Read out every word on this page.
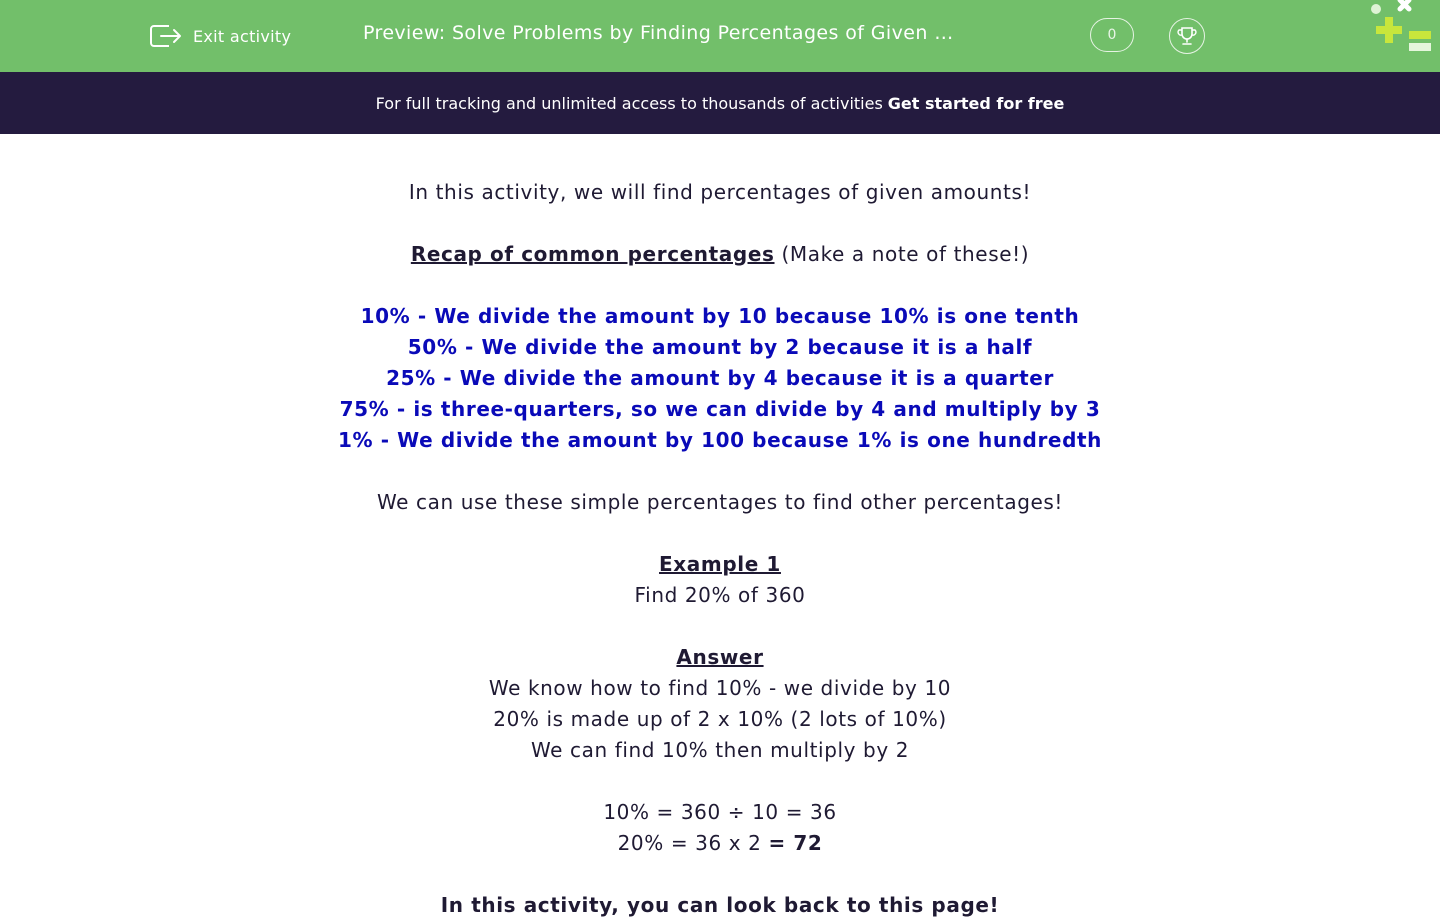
Exit activity	Preview: Solve Problems by Finding Percentages of Given …	0
For full tracking and unlimited access to thousands of activities Get started for free

In this activity, we will find percentages of given amounts!

Recap of common percentages (Make a note of these!)

10% - We divide the amount by 10 because 10% is one tenth

50% - We divide the amount by 2 because it is a half

25% - We divide the amount by 4 because it is a quarter

75% - is three-quarters, so we can divide by 4 and multiply by 3

1% - We divide the amount by 100 because 1% is one hundredth

We can use these simple percentages to find other percentages!

Example 1

Find 20% of 360

Answer

We know how to find 10% - we divide by 10

20% is made up of 2 x 10% (2 lots of 10%)

We can find 10% then multiply by 2

10% = 360 ÷ 10 = 36

20% = 36 x 2 = 72

In this activity, you can look back to this page!
